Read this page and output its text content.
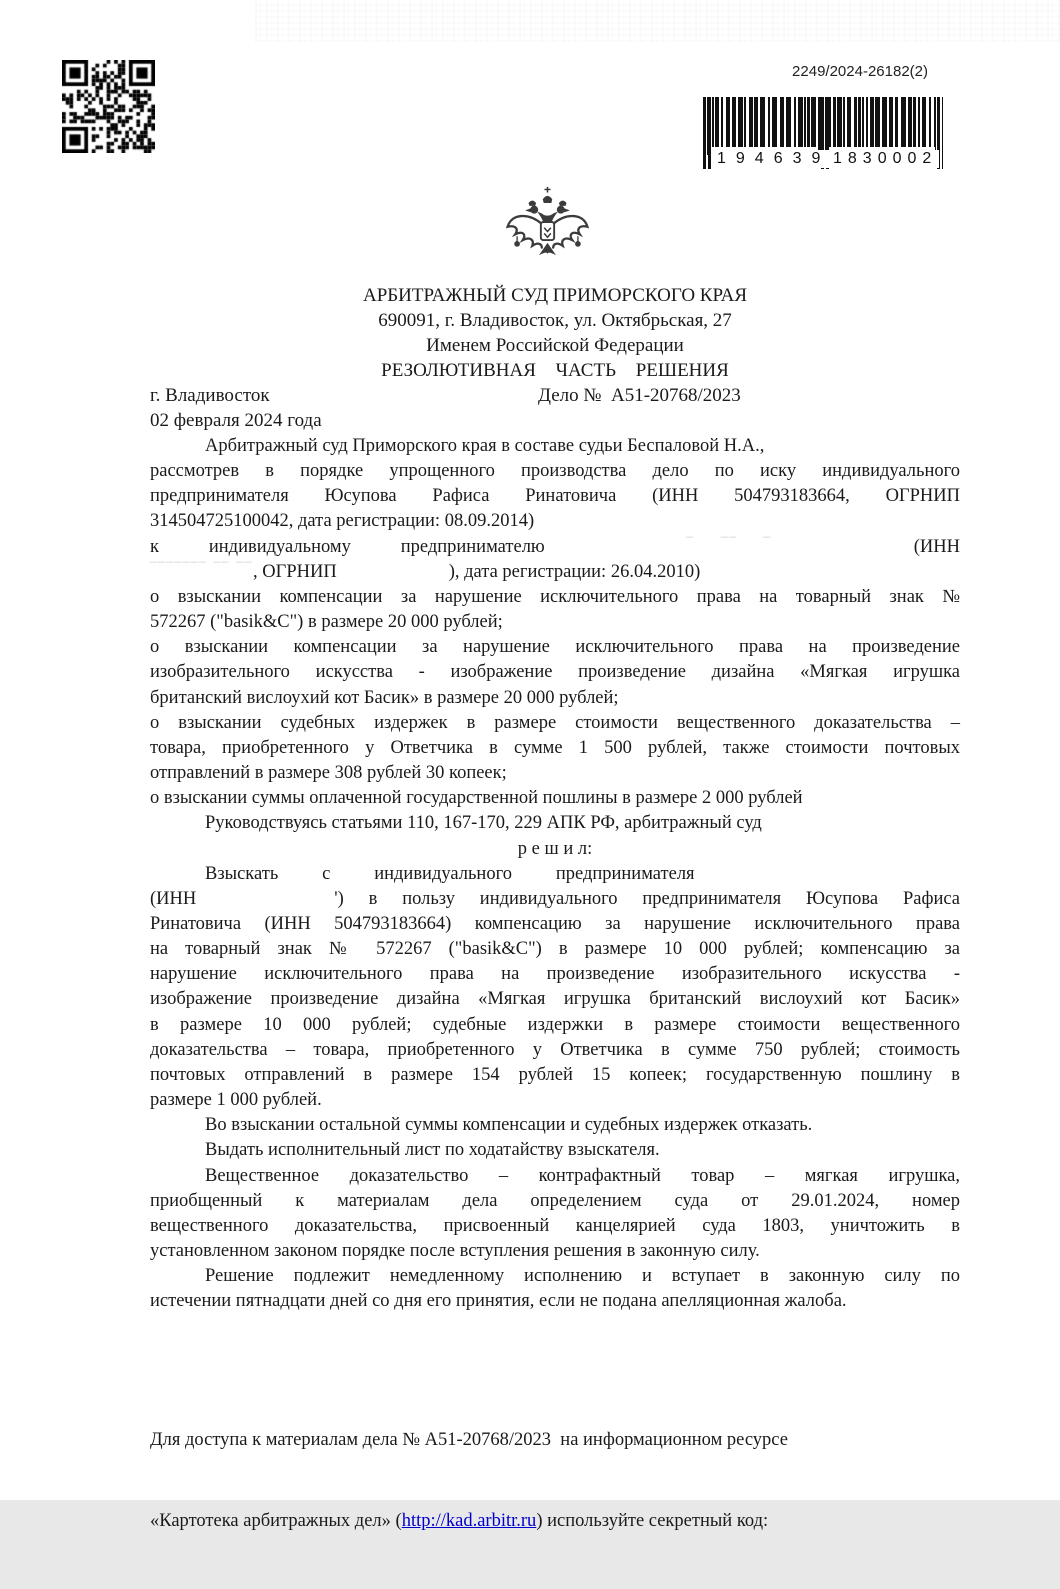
2249/2024-26182(2)
194639 1830002
АРБИТРАЖНЫЙ СУД ПРИМОРСКОГО КРАЯ
690091, г. Владивосток, ул. Октябрьская, 27
Именем Российской Федерации
РЕЗОЛЮТИВНАЯ ЧАСТЬ РЕШЕНИЯ
г. Владивосток	Дело №  А51-20768/2023
02 февраля 2024 года
Арбитражный суд Приморского края в составе судьи Беспаловой Н.А.,
рассмотрев в порядке упрощенного производства дело по иску индивидуального
предпринимателя Юсупова Рафиса Ринатовича (ИНН 504793183664, ОГРНИП
314504725100042, дата регистрации: 08.09.2014)
к   индивидуальному   предпринимателю	‾    ‾‾    ‾	(ИНН
‾‾‾‾‾‾‾ ‾‾ ‾‾ , ОГРНИП	), дата регистрации: 26.04.2010)
о взыскании компенсации за нарушение исключительного права на товарный знак №
572267 ("basik&C") в размере 20 000 рублей;
о взыскании компенсации за нарушение исключительного права на произведение
изобразительного искусства - изображение произведение дизайна «Мягкая игрушка
британский вислоухий кот Басик» в размере 20 000 рублей;
о взыскании судебных издержек в размере стоимости вещественного доказательства –
товара, приобретенного у Ответчика в сумме 1 500 рублей, также стоимости почтовых
отправлений в размере 308 рублей 30 копеек;
о взыскании суммы оплаченной государственной пошлины в размере 2 000 рублей
Руководствуясь статьями 110, 167-170, 229 АПК РФ, арбитражный суд
р е ш и л:
Взыскать   с   индивидуального   предпринимателя
(ИНН	') в пользу индивидуального предпринимателя Юсупова Рафиса
Ринатовича (ИНН 504793183664) компенсацию за нарушение исключительного права
на товарный знак № 572267 ("basik&C") в размере 10 000 рублей; компенсацию за
нарушение исключительного права на произведение изобразительного искусства -
изображение произведение дизайна «Мягкая игрушка британский вислоухий кот Басик»
в размере 10 000 рублей; судебные издержки в размере стоимости вещественного
доказательства – товара, приобретенного у Ответчика в сумме 750 рублей; стоимость
почтовых отправлений в размере 154 рублей 15 копеек; государственную пошлину в
размере 1 000 рублей.
Во взыскании остальной суммы компенсации и судебных издержек отказать.
Выдать исполнительный лист по ходатайству взыскателя.
Вещественное доказательство – контрафактный товар – мягкая игрушка,
приобщенный к материалам дела определением суда от 29.01.2024, номер
вещественного доказательства, присвоенный канцелярией суда 1803, уничтожить в
установленном законом порядке после вступления решения в законную силу.
Решение подлежит немедленному исполнению и вступает в законную силу по
истечении пятнадцати дней со дня его принятия, если не подана апелляционная жалоба.

Для доступа к материалам дела № А51-20768/2023  на информационном ресурсе

«Картотека арбитражных дел» (http://kad.arbitr.ru) используйте секретный код:
